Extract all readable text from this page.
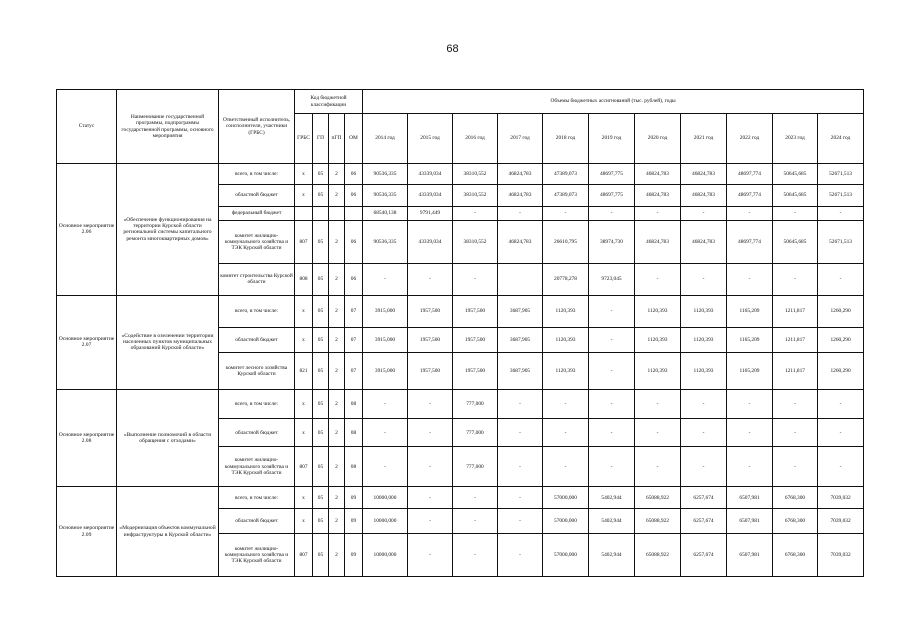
68
Статус	Наименование государственной программы, подпрограммы государственной программы, основного мероприятия	Ответственный исполнитель, соисполнители, участники (ГРБС)	Код бюджетной классификации				Объемы бюджетных ассигнований (тыс. рублей), годы										
			ГРБС	ГП	пГП	ОМ	2014 год	2015 год	2016 год	2017 год	2018 год	2019 год	2020 год	2021 год	2022 год	2023 год	2024 год
Основное мероприятие 2.06	«Обеспечение функционирования на территории Курской области региональной системы капитального ремонта многоквартирных домов»	всего, в том числе:	х	05	2	06	90536,335	43339,034	38310,552	46824,783	47389,073	48697,775	46824,783	46824,783	48697,774	50645,685	52671,513
		областной бюджет	х	05	2	06	90536,335	43339,034	38310,552	46824,783	47389,073	48697,775	46824,783	46824,783	48697,774	50645,685	52671,513
		федеральный бюджет					68540,138	9791,449	-	-	-	-	-	-	-	-	-
		комитет жилищно-коммунального хозяйства и ТЭК Курской области	807	05	2	06	90536,335	43339,034	38310,552	46824,783	26610,795	38974,730	46824,783	46824,783	48697,774	50645,685	52671,513
		комитет строительства Курской области	808	05	2	06	-	-	-		20778,278	9723,045	-	-	-	-	-
Основное мероприятие 2.07	«Содействие в озеленении территории населенных пунктов муниципальных образований Курской области»	всего, в том числе:	х	05	2	07	3915,000	1957,500	1957,500	3687,905	1120,393	-	1120,393	1120,393	1165,209	1211,817	1260,290
		областной бюджет	х	05	2	07	3915,000	1957,500	1957,500	3687,905	1120,393	-	1120,393	1120,393	1165,209	1211,817	1260,290
		комитет лесного хозяйства Курской области	821	05	2	07	3915,000	1957,500	1957,500	3687,905	1120,393	-	1120,393	1120,393	1165,209	1211,817	1260,290
Основное мероприятие 2.08	«Выполнение полномочий в области обращения с отходами»	всего, в том числе:	х	05	2	08	-	-	777,000	-	-	-	-	-	-	-	-
		областной бюджет	х	05	2	08	-	-	777,000	-	-	-	-	-	-	-	-
		комитет жилищно-коммунального хозяйства и ТЭК Курской области	807	05	2	08	-	-	777,000	-	-	-	-	-	-	-	-
Основное мероприятие 2.09	«Модернизация объектов коммунальной инфраструктуры в Курской области»	всего, в том числе:	х	05	2	09	10000,000	-	-	-	57000,000	5402,944	65088,922	6257,674	6507,981	6768,300	7039,032
		областной бюджет	х	05	2	09	10000,000	-	-	-	57000,000	5402,944	65088,922	6257,674	6507,981	6768,300	7039,032
		комитет жилищно-коммунального хозяйства и ТЭК Курской области	807	05	2	09	10000,000	-	-	-	57000,000	5402,944	65088,922	6257,674	6507,981	6768,300	7039,032
